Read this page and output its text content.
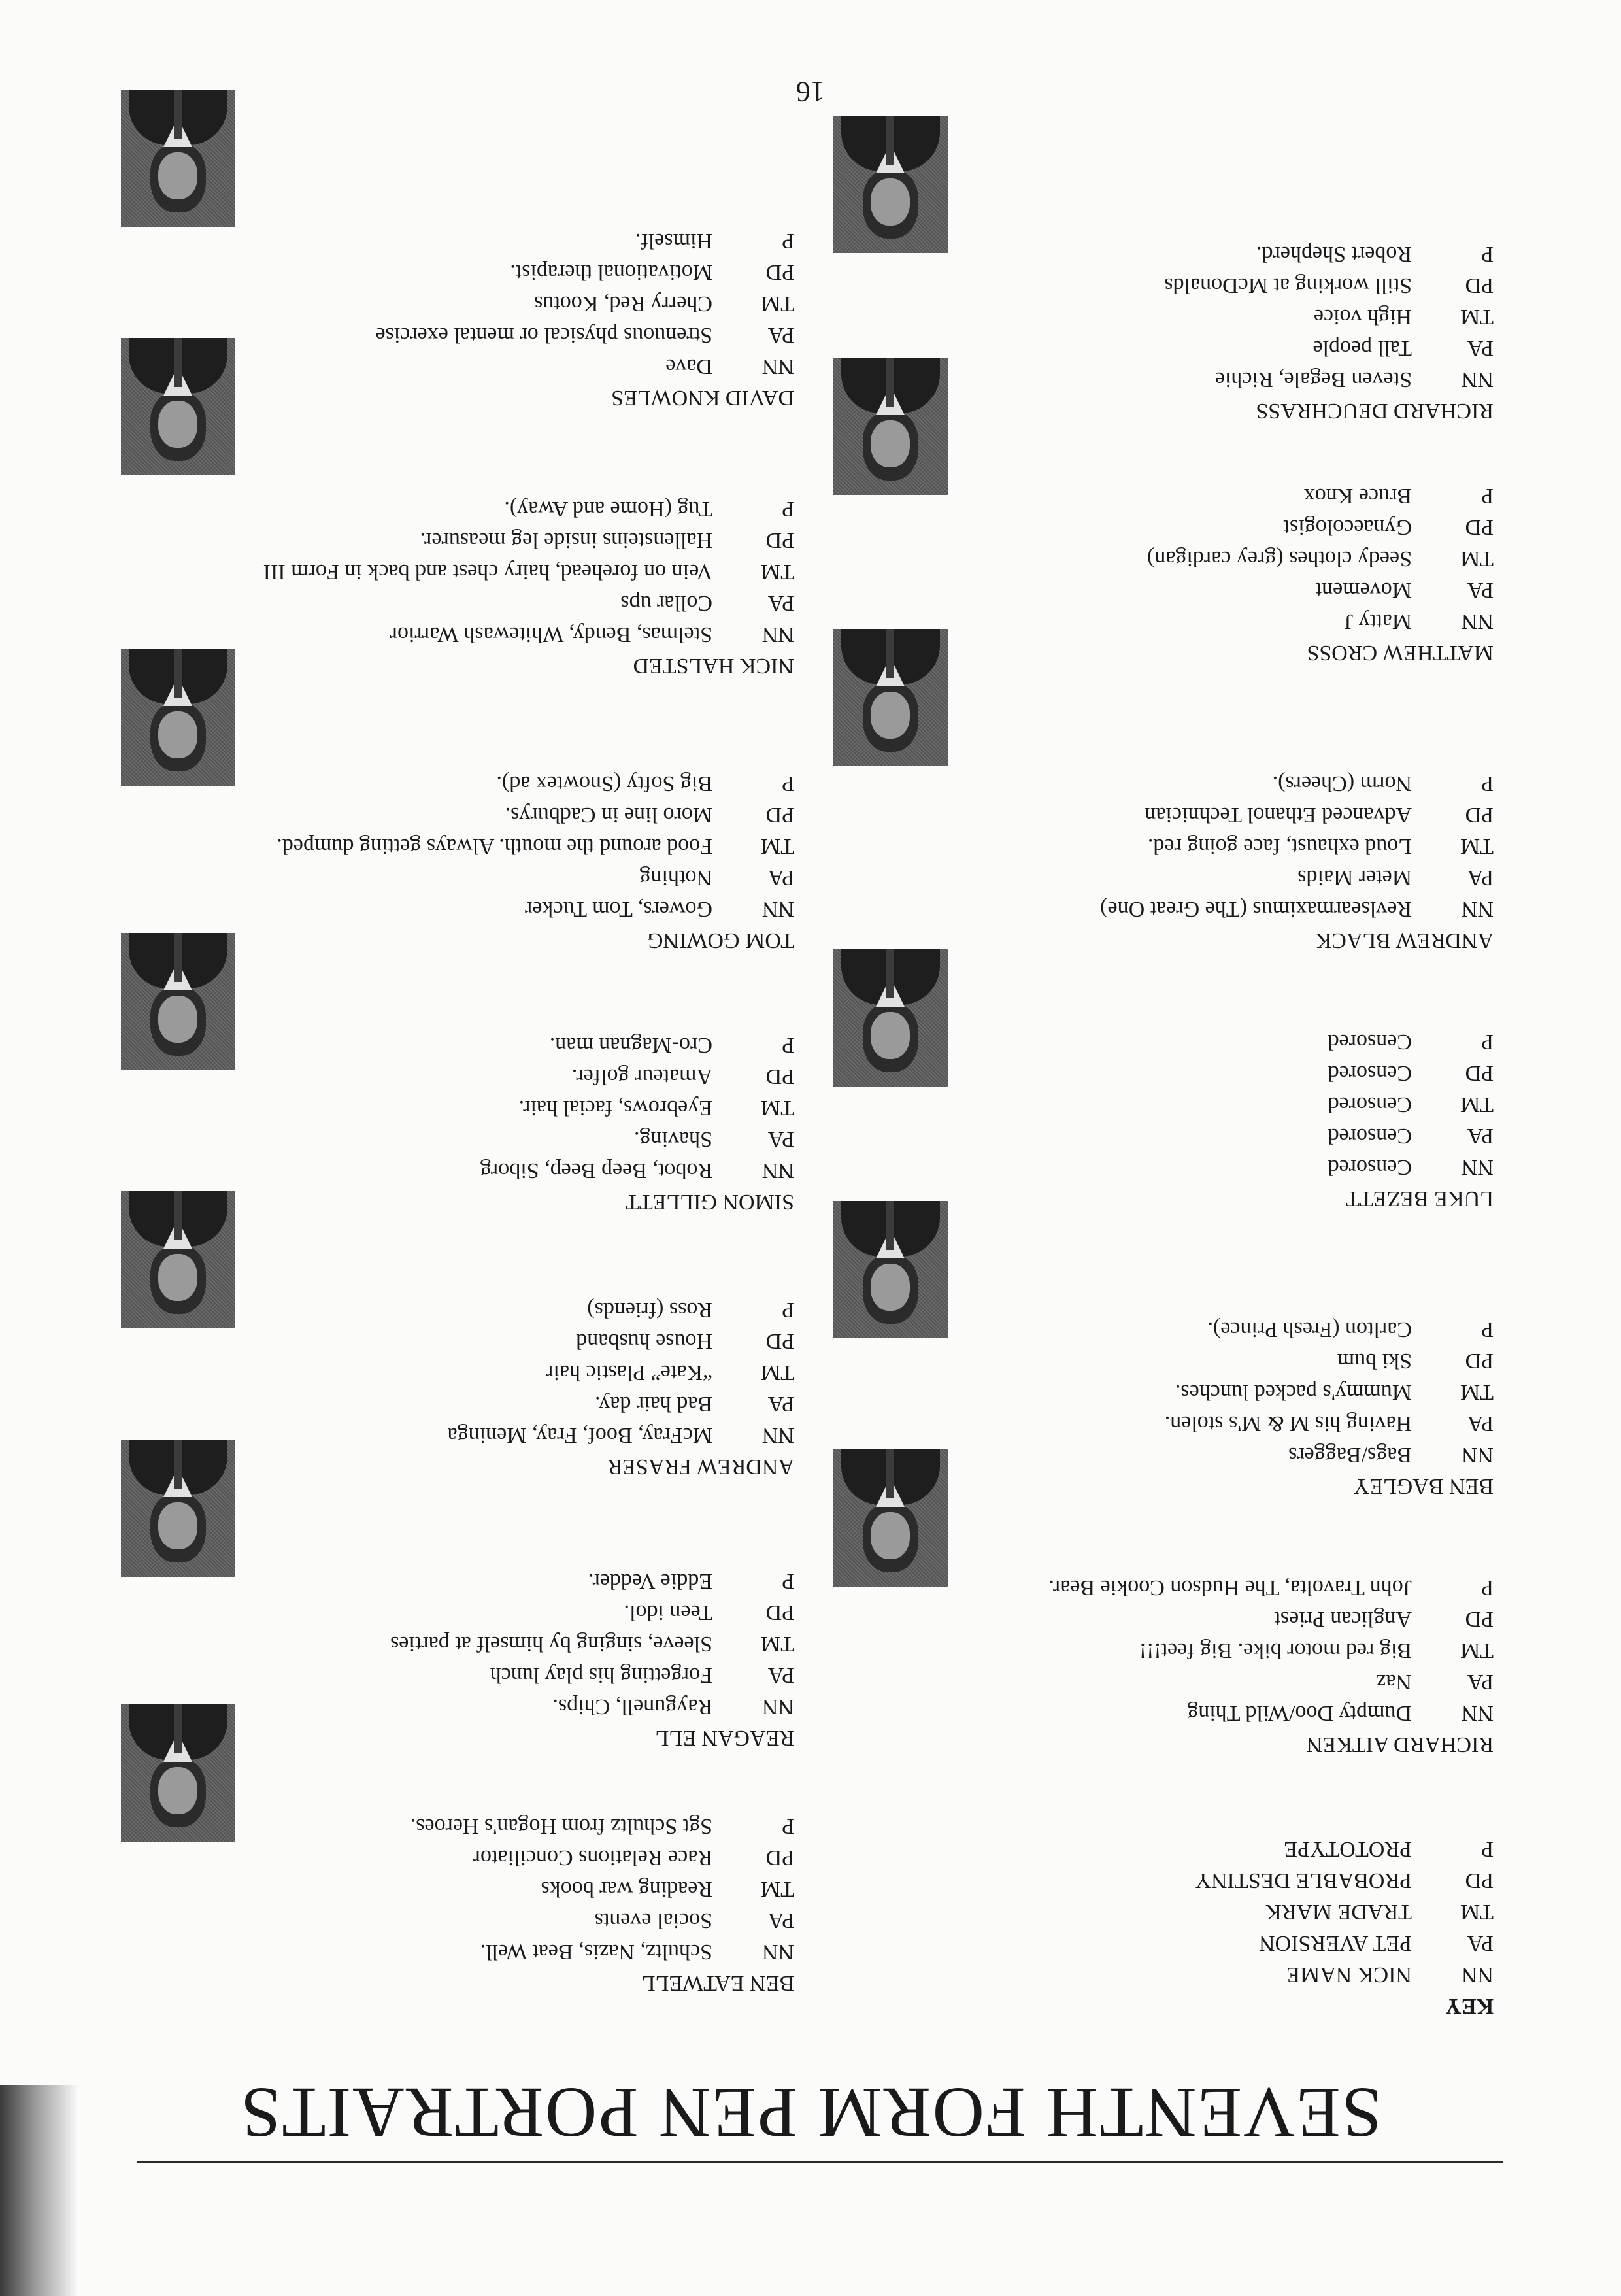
SEVENTH FORM PEN PORTRAITS
KEY
NN
NICK NAME
PA
PET AVERSION
TM
TRADE MARK
PD
PROBABLE DESTINY
P
PROTOTYPE
BEN EATWELL
NN
Schultz, Nazis, Beat Well.
PA
Social events
TM
Reading war books
PD
Race Relations Conciliator
P
Sgt Schultz from Hogan's Heroes.
RICHARD AITKEN
NN
Dumpty Doo/Wild Thing
PA
Naz
TM
Big red motor bike. Big feet!!!
PD
Anglican Priest
P
John Travolta, The Hudson Cookie Bear.
REAGAN ELL
NN
Raygunell, Chips.
PA
Forgetting his play lunch
TM
Sleeve, singing by himself at parties
PD
Teen idol.
P
Eddie Vedder.
BEN BAGLEY
NN
Bags/Baggers
PA
Having his M & M's stolen.
TM
Mummy's packed lunches.
PD
Ski bum
P
Carlton (Fresh Prince).
ANDREW FRASER
NN
McFray, Boof, Fray, Meninga
PA
Bad hair day.
TM
“Kate” Plastic hair
PD
House husband
P
Ross (friends)
LUKE BEZETT
NN
Censored
PA
Censored
TM
Censored
PD
Censored
P
Censored
SIMON GILLETT
NN
Robot, Beep Beep, Siborg
PA
Shaving.
TM
Eyebrows, facial hair.
PD
Amateur golfer.
P
Cro-Magnan man.
ANDREW BLACK
NN
Revlsearmaximus (The Great One)
PA
Meter Maids
TM
Loud exhaust, face going red.
PD
Advanced Ethanol Technician
P
Norm (Cheers).
TOM GOWING
NN
Gowers, Tom Tucker
PA
Nothing
TM
Food around the mouth. Always getting dumped.
PD
Moro line in Cadburys.
P
Big Softy (Snowtex ad).
MATTHEW CROSS
NN
Matty J
PA
Movement
TM
Seedy clothes (grey cardigan)
PD
Gynaecologist
P
Bruce Knox
NICK HALSTED
NN
Stelmas, Bendy, Whitewash Warrior
PA
Collar ups
TM
Vein on forehead, hairy chest and back in Form III
PD
Hallensteins inside leg measurer.
P
Tug (Home and Away).
RICHARD DEUCHRASS
NN
Steven Begale, Richie
PA
Tall people
TM
High voice
PD
Still working at McDonalds
P
Robert Shepherd.
DAVID KNOWLES
NN
Dave
PA
Strenuous physical or mental exercise
TM
Cherry Red, Kootus
PD
Motivational therapist.
P
Himself.
16
